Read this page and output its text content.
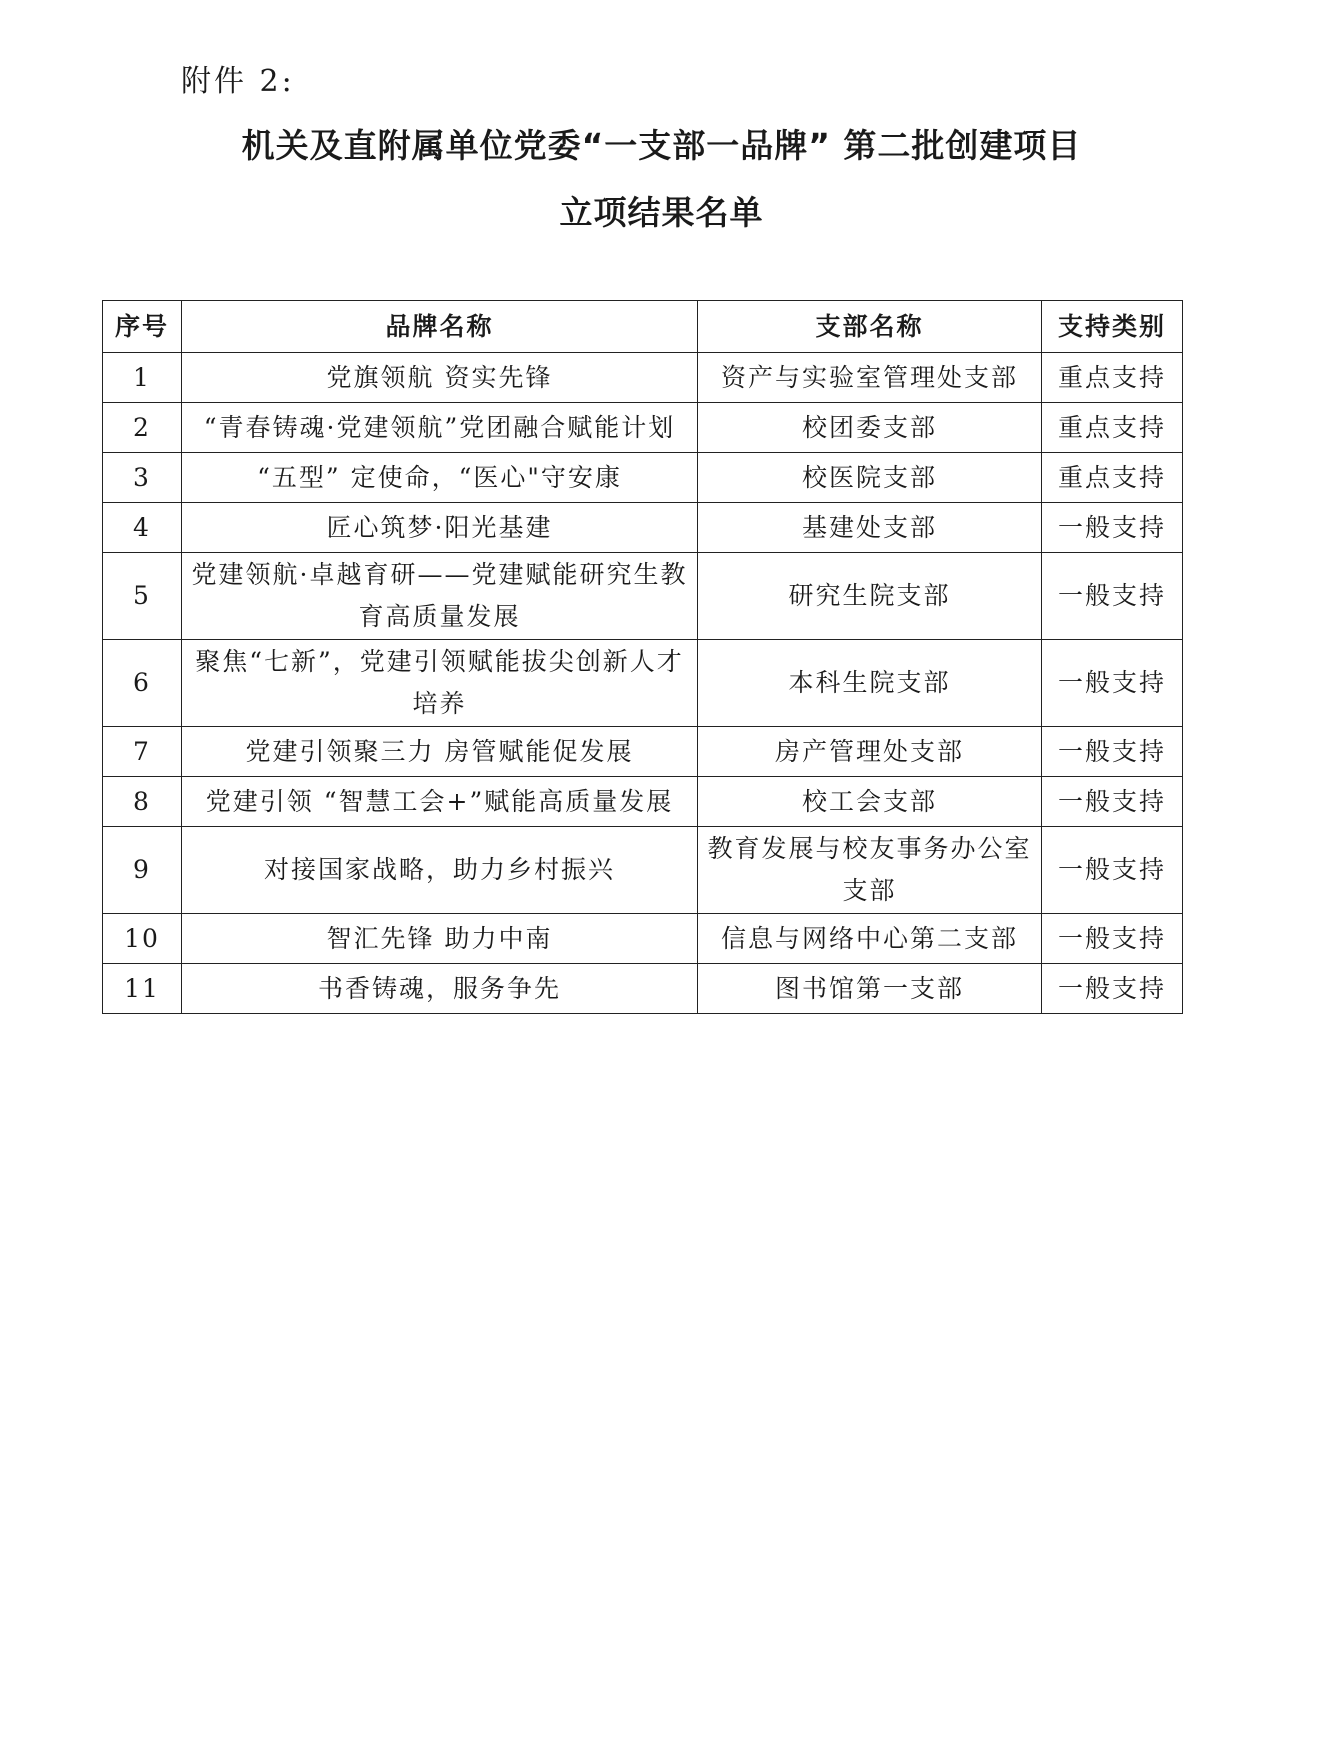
附件 2:
机关及直附属单位党委“一支部一品牌” 第二批创建项目
立项结果名单
序号	品牌名称	支部名称	支持类别
1	党旗领航 资实先锋	资产与实验室管理处支部	重点支持
2	“青春铸魂·党建领航”党团融合赋能计划	校团委支部	重点支持
3	“五型” 定使命，“医心"守安康	校医院支部	重点支持
4	匠心筑梦·阳光基建	基建处支部	一般支持
5	党建领航·卓越育研——党建赋能研究生教育高质量发展	研究生院支部	一般支持
6	聚焦“七新”，党建引领赋能拔尖创新人才培养	本科生院支部	一般支持
7	党建引领聚三力 房管赋能促发展	房产管理处支部	一般支持
8	党建引领 “智慧工会+”赋能高质量发展	校工会支部	一般支持
9	对接国家战略，助力乡村振兴	教育发展与校友事务办公室支部	一般支持
10	智汇先锋 助力中南	信息与网络中心第二支部	一般支持
11	书香铸魂，服务争先	图书馆第一支部	一般支持
